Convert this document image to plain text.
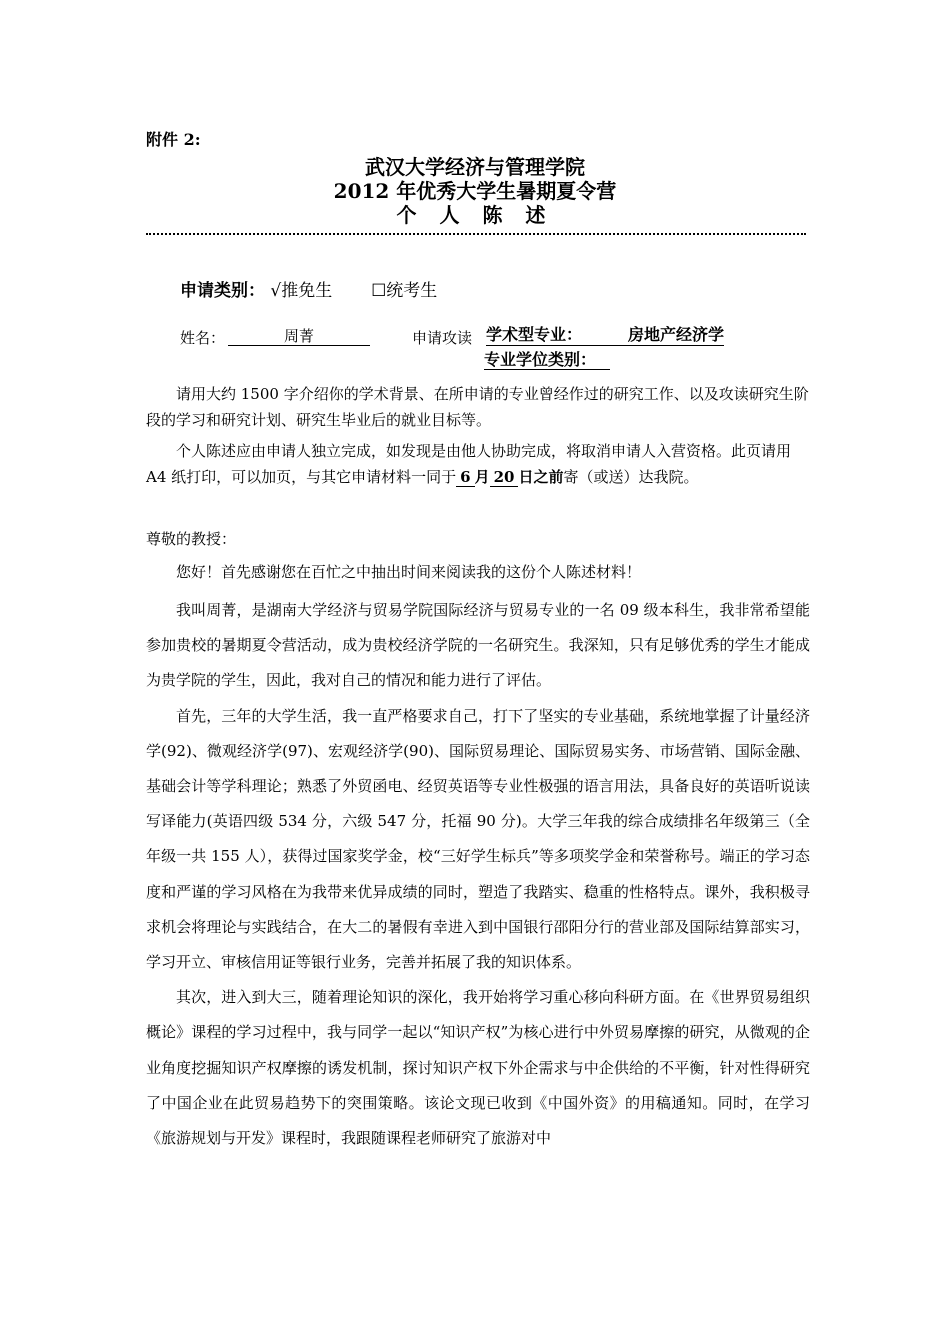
附件 2:
武汉大学经济与管理学院
2012 年优秀大学生暑期夏令营
个 人 陈 述
申请类别： √推免生 ☐统考生
姓名：	周菁	申请攻读 学术型专业：	房地产经济学
专业学位类别：
请用大约 1500 字介绍你的学术背景、在所申请的专业曾经作过的研究工作、以及攻读研究生阶段的学习和研究计划、研究生毕业后的就业目标等。

个人陈述应由申请人独立完成，如发现是由他人协助完成，将取消申请人入营资格。此页请用 A4 纸打印，可以加页，与其它申请材料一同于 6 月 20 日之前寄（或送）达我院。

尊敬的教授：
您好！首先感谢您在百忙之中抽出时间来阅读我的这份个人陈述材料！

我叫周菁，是湖南大学经济与贸易学院国际经济与贸易专业的一名 09 级本科生，我非常希望能参加贵校的暑期夏令营活动，成为贵校经济学院的一名研究生。我深知，只有足够优秀的学生才能成为贵学院的学生，因此，我对自己的情况和能力进行了评估。

首先，三年的大学生活，我一直严格要求自己，打下了坚实的专业基础，系统地掌握了计量经济学(92)、微观经济学(97)、宏观经济学(90)、国际贸易理论、国际贸易实务、市场营销、国际金融、基础会计等学科理论；熟悉了外贸函电、经贸英语等专业性极强的语言用法，具备良好的英语听说读写译能力(英语四级 534 分，六级 547 分，托福 90 分)。大学三年我的综合成绩排名年级第三（全年级一共 155 人），获得过国家奖学金，校“三好学生标兵”等多项奖学金和荣誉称号。端正的学习态度和严谨的学习风格在为我带来优异成绩的同时，塑造了我踏实、稳重的性格特点。课外，我积极寻求机会将理论与实践结合，在大二的暑假有幸进入到中国银行邵阳分行的营业部及国际结算部实习，学习开立、审核信用证等银行业务，完善并拓展了我的知识体系。

其次，进入到大三，随着理论知识的深化，我开始将学习重心移向科研方面。在《世界贸易组织概论》课程的学习过程中，我与同学一起以“知识产权”为核心进行中外贸易摩擦的研究，从微观的企业角度挖掘知识产权摩擦的诱发机制，探讨知识产权下外企需求与中企供给的不平衡，针对性得研究了中国企业在此贸易趋势下的突围策略。该论文现已收到《中国外资》的用稿通知。同时，在学习《旅游规划与开发》课程时，我跟随课程老师研究了旅游对中
